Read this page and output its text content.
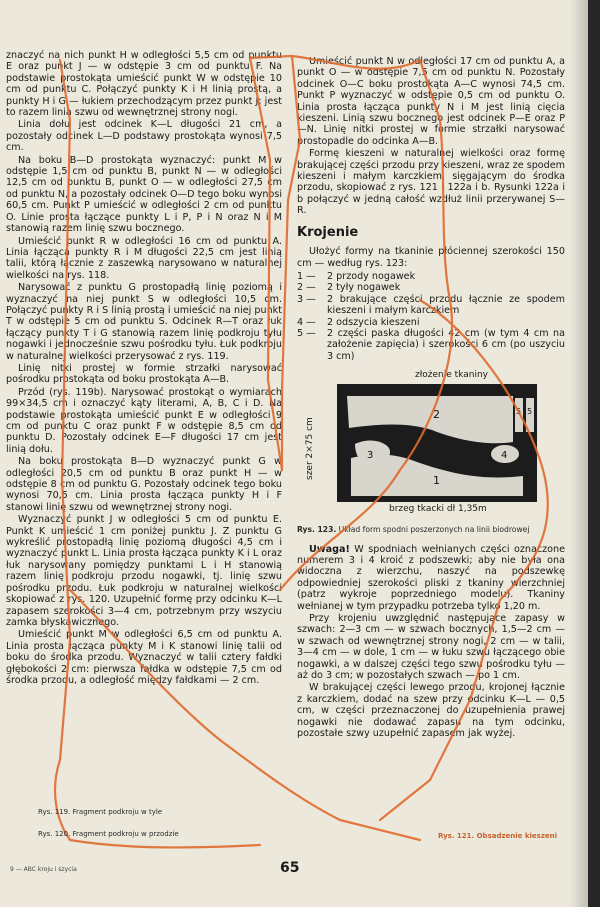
znaczyć na nich punkt H w odległości 5,5 cm od punktu E oraz punkt J — w odstępie 3 cm od punktu F. Na podstawie prostokąta umieścić punkt W w odstępie 10 cm od punktu C. Połączyć punkty K i H linią prostą, a punkty H i G — łukiem przechodzącym przez punkt J; jest to razem linia szwu od wewnętrznej strony nogi.

Linia dołu jest odcinek K—L długości 21 cm, a pozostały odcinek L—D podstawy prostokąta wynosi 7,5 cm.

Na boku B—D prostokąta wyznaczyć: punkt M w odstępie 1,5 cm od punktu B, punkt N — w odległości 12,5 cm od punktu B, punkt O — w odległości 27,5 cm od punktu N, a pozostały odcinek O—D tego boku wynosi 60,5 cm. Punkt P umieścić w odległości 2 cm od punktu O. Linie prosta łączące punkty L i P, P i N oraz N i M stanowią razem linię szwu bocznego.

Umieścić punkt R w odległości 16 cm od punktu A. Linia łącząca punkty R i M długości 22,5 cm jest linią talii, którą łącznie z zaszewką narysowano w naturalnej wielkości na rys. 118.

Narysować z punktu G prostopadłą linię poziomą i wyznaczyć na niej punkt S w odległości 10,5 cm. Połączyć punkty R i S linią prostą i umieścić na niej punkt T w odstępie 5 cm od punktu S. Odcinek R—T oraz łuk łączący punkty T i G stanowią razem linię podkroju tyłu nogawki i jednocześnie szwu pośrodku tyłu. Łuk podkroju w naturalnej wielkości przerysować z rys. 119.

Linię nitki prostej w formie strzałki narysować pośrodku prostokąta od boku prostokąta A—B.

Przód (rys. 119b). Narysować prostokąt o wymiarach 99×34,5 cm i oznaczyć kąty literami, A, B, C i D. Na podstawie prostokąta umieścić punkt E w odległości 9 cm od punktu C oraz punkt F w odstępie 8,5 cm od punktu D. Pozostały odcinek E—F długości 17 cm jest linią dołu.

Na boku prostokąta B—D wyznaczyć punkt G w odległości 20,5 cm od punktu B oraz punkt H — w odstępie 8 cm od punktu G. Pozostały odcinek tego boku wynosi 70,5 cm. Linia prosta łącząca punkty H i F stanowi linię szwu od wewnętrznej strony nogi.

Wyznaczyć punkt J w odległości 5 cm od punktu E. Punkt K umieścić 1 cm poniżej punktu J. Z punktu G wykreślić prostopadłą linię poziomą długości 4,5 cm i wyznaczyć punkt L. Linia prosta łącząca punkty K i L oraz łuk narysowany pomiędzy punktami L i H stanowią razem linię podkroju przodu nogawki, tj. linię szwu pośrodku przodu. Łuk podkroju w naturalnej wielkości skopiować z rys. 120. Uzupełnić formę przy odcinku K—L zapasem szerokości 3—4 cm, potrzebnym przy wszyciu zamka błyskawicznego.

Umieścić punkt M w odległości 6,5 cm od punktu A. Linia prosta łącząca punkty M i K stanowi linię talii od boku do środka przodu. Wyznaczyć w talii cztery fałdki głębokości 2 cm: pierwsza fałdka w odstępie 7,5 cm od środka przodu, a odległość między fałdkami — 2 cm.

Umieścić punkt N w odległości 17 cm od punktu A, a punkt O — w odstępie 7,5 cm od punktu N. Pozostały odcinek O—C boku prostokąta A—C wynosi 74,5 cm. Punkt P wyznaczyć w odstępie 0,5 cm od punktu O. Linia prosta łącząca punkty N i M jest linią cięcia kieszeni. Linią szwu bocznego jest odcinek P—E oraz P—N. Linię nitki prostej w formie strzałki narysować prostopadle do odcinka A—B.

Formę kieszeni w naturalnej wielkości oraz formę brakującej części przodu przy kieszeni, wraz ze spodem kieszeni i małym karczkiem, sięgającym do środka przodu, skopiować z rys. 121 i 122a i b. Rysunki 122a i b połączyć w jedną całość wzdłuż linii przerywanej S—R.

Krojenie

Ułożyć formy na tkaninie płóciennej szerokości 150 cm — według rys. 123:

1 — 2 przody nogawek
2 — 2 tyły nogawek
3 — 2 brakujące części przodu łącznie ze spodem kieszeni i małym karczkiem
4 — 2 odszycia kieszeni
5 — 2 części paska długości 42 cm (w tym 4 cm na założenie zapięcia) i szerokości 6 cm (po uszyciu 3 cm)
złożenie tkaniny
szer 2×75 cm
2
1
3	4
5 5
brzeg tkacki dł 1,35m
Rys. 123. Układ form spodni poszerzonych na linii biodrowej

Uwaga! W spodniach wełnianych części oznaczone numerem 3 i 4 kroić z podszewki; aby nie była ona widoczna z wierzchu, naszyć na podszewkę odpowiedniej szerokości pliski z tkaniny wierzchniej (patrz wykroje poprzedniego modelu). Tkaniny wełnianej w tym przypadku potrzeba tylko 1,20 m.

Przy krojeniu uwzględnić następujące zapasy w szwach: 2—3 cm — w szwach bocznych, 1,5—2 cm — w szwach od wewnętrznej strony nogi, 2 cm — w talii, 3—4 cm — w dole, 1 cm — w łuku szwu łączącego obie nogawki, a w dalszej części tego szwu pośrodku tyłu — aż do 3 cm; w pozostałych szwach — po 1 cm.

W brakującej części lewego przodu, krojonej łącznie z karczkiem, dodać na szew przy odcinku K—L — 0,5 cm, w części przeznaczonej do uzupełnienia prawej nogawki nie dodawać zapasu na tym odcinku, pozostałe szwy uzupełnić zapasem jak wyżej.

Rys. 119. Fragment podkroju w tyle
Rys. 120. Fragment podkroju w przodzie	Rys. 121. Obsadzenie kieszeni
65
9 — ABC kroju i szycia
